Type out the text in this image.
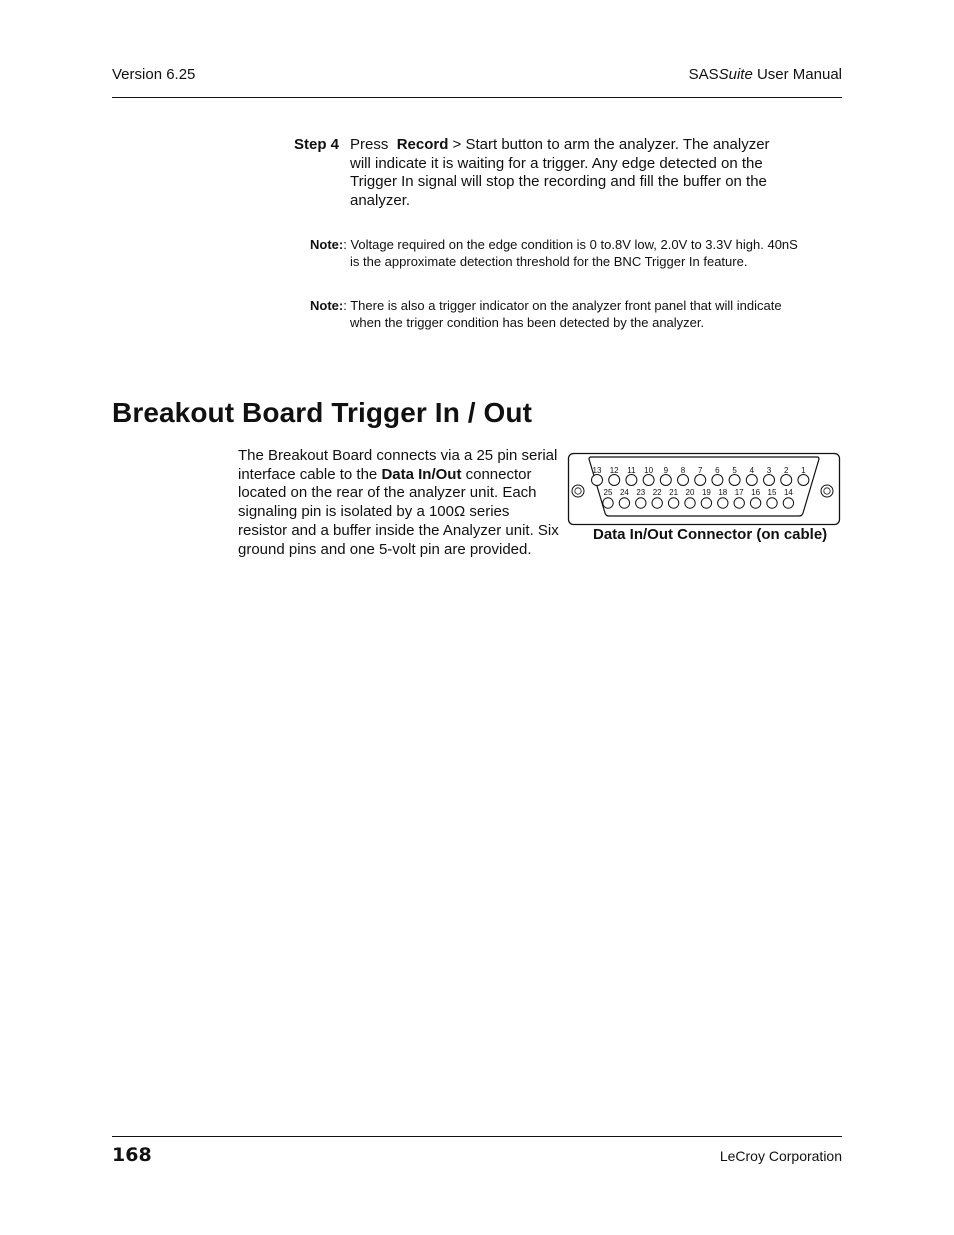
Version 6.25	SASSuite User Manual
Step 4 Press  Record > Start button to arm the analyzer. The analyzer will indicate it is waiting for a trigger. Any edge detected on the Trigger In signal will stop the recording and fill the buffer on the analyzer.
Note:: Voltage required on the edge condition is 0 to.8V low, 2.0V to 3.3V high. 40nS
is the approximate detection threshold for the BNC Trigger In feature.
Note:: There is also a trigger indicator on the analyzer front panel that will indicate
when the trigger condition has been detected by the analyzer.
Breakout Board Trigger In / Out
The Breakout Board connects via a 25 pin serial interface cable to the Data In/Out connector located on the rear of the analyzer unit. Each signaling pin is isolated by a 100Ω series resistor and a buffer inside the Analyzer unit. Six ground pins and one 5-volt pin are provided.
13 12 11 10 9 8 7 6 5 4 3 2 1
25 24 23 22 21 20 19 18 17 16 15 14
Data In/Out Connector (on cable)
168	LeCroy Corporation
